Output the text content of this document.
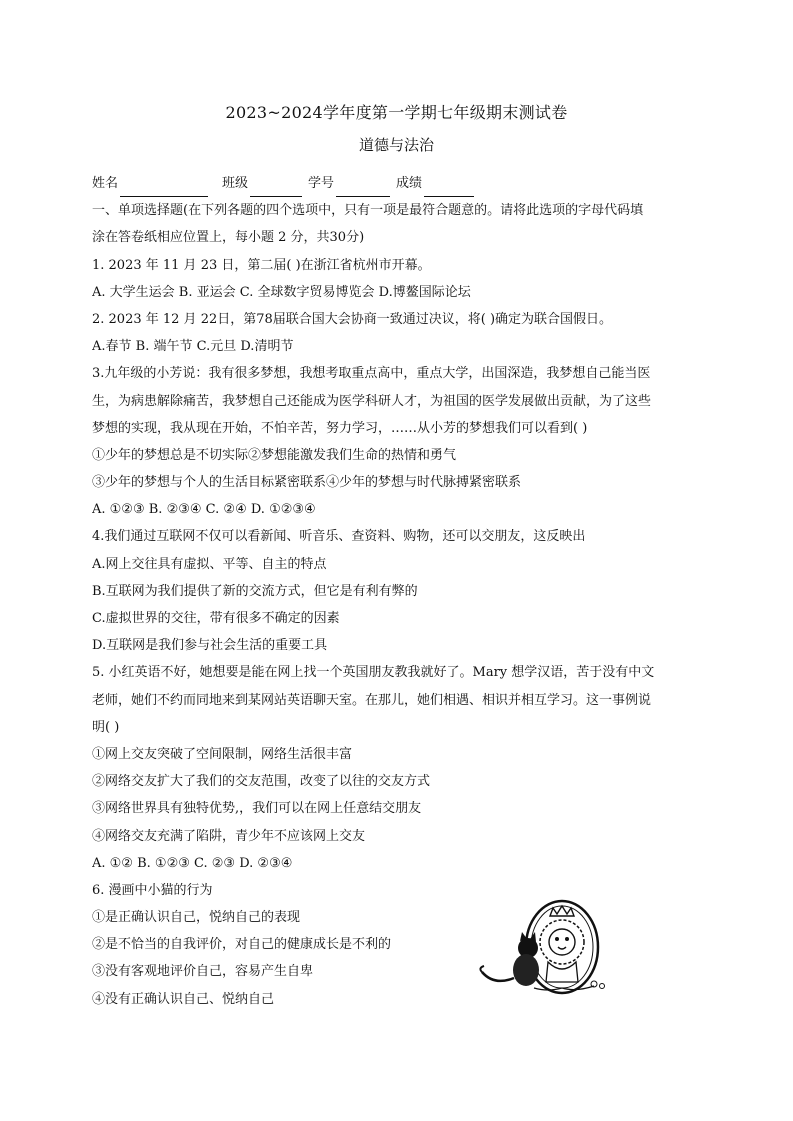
2023~2024学年度第一学期七年级期末测试卷
道德与法治
姓名	班级	学号	成绩
一、单项选择题(在下列各题的四个选项中，只有一项是最符合题意的。请将此选项的字母代码填
涂在答卷纸相应位置上，每小题 2 分，共30分)
1. 2023 年 11 月 23 日，第二届( )在浙江省杭州市开幕。
A. 大学生运会 B. 亚运会 C. 全球数字贸易博览会 D.博鳌国际论坛
2. 2023 年 12 月 22日，第78届联合国大会协商一致通过决议，将( )确定为联合国假日。
A.春节 B. 端午节 C.元旦 D.清明节
3.九年级的小芳说：我有很多梦想，我想考取重点高中，重点大学，出国深造，我梦想自己能当医
生，为病患解除痛苦，我梦想自己还能成为医学科研人才，为祖国的医学发展做出贡献，为了这些
梦想的实现，我从现在开始，不怕辛苦，努力学习，……从小芳的梦想我们可以看到( )
①少年的梦想总是不切实际②梦想能激发我们生命的热情和勇气
③少年的梦想与个人的生活目标紧密联系④少年的梦想与时代脉搏紧密联系
A. ①②③ B. ②③④ C. ②④ D. ①②③④
4.我们通过互联网不仅可以看新闻、听音乐、查资料、购物，还可以交朋友，这反映出
A.网上交往具有虚拟、平等、自主的特点
B.互联网为我们提供了新的交流方式，但它是有利有弊的
C.虚拟世界的交往，带有很多不确定的因素
D.互联网是我们参与社会生活的重要工具
5. 小红英语不好，她想要是能在网上找一个英国朋友教我就好了。Mary 想学汉语，苦于没有中文
老师，她们不约而同地来到某网站英语聊天室。在那儿，她们相遇、相识并相互学习。这一事例说
明( )
①网上交友突破了空间限制，网络生活很丰富
②网络交友扩大了我们的交友范围，改变了以往的交友方式
③网络世界具有独特优势,，我们可以在网上任意结交朋友
④网络交友充满了陷阱，青少年不应该网上交友
A. ①② B. ①②③ C. ②③ D. ②③④
6. 漫画中小猫的行为
①是正确认识自己，悦纳自己的表现
②是不恰当的自我评价，对自己的健康成长是不利的
③没有客观地评价自己，容易产生自卑
④没有正确认识自己、悦纳自己
